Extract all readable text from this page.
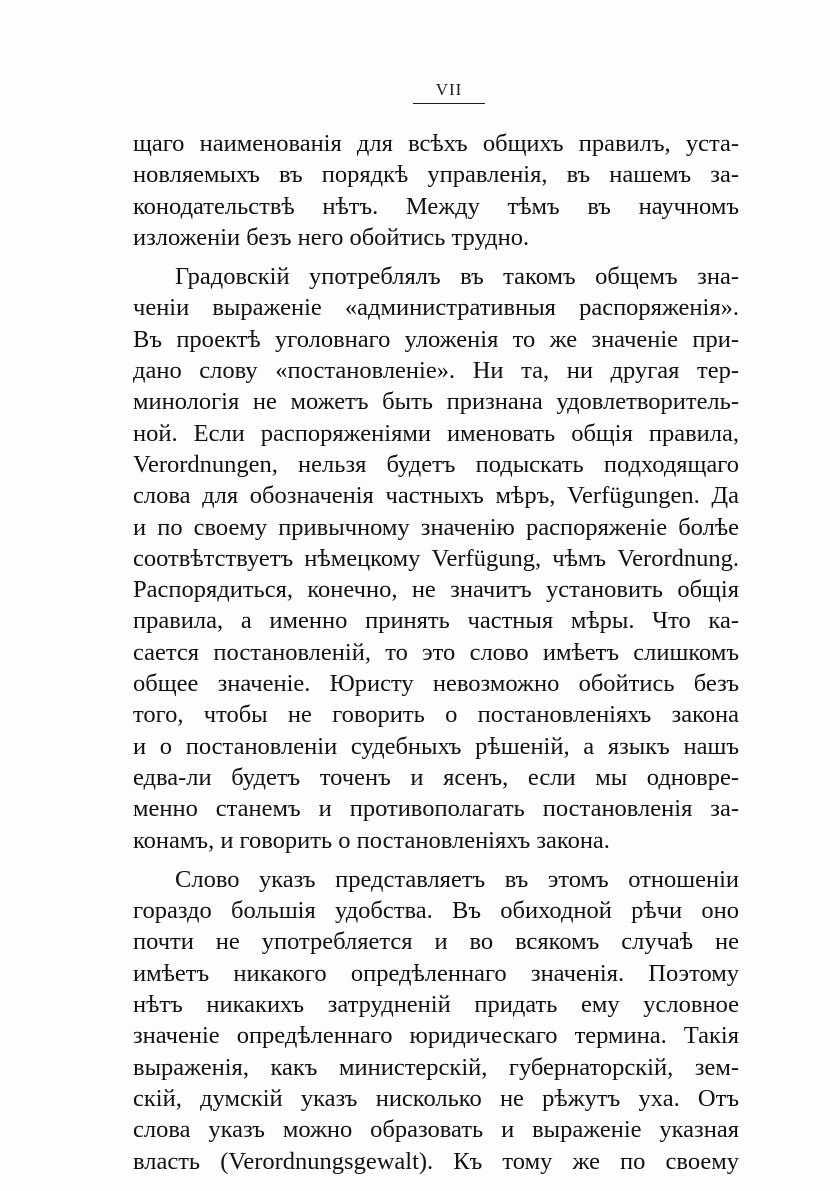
VII
щаго наименованія для всѣхъ общихъ правилъ, уста-
новляемыхъ въ порядкѣ управленія, въ нашемъ за-
конодательствѣ нѣтъ. Между тѣмъ въ научномъ
изложеніи безъ него обойтись трудно.
Градовскій употреблялъ въ такомъ общемъ зна-
ченіи выраженіе «административныя распоряженія».
Въ проектѣ уголовнаго уложенія то же значеніе при-
дано слову «постановленіе». Ни та, ни другая тер-
минологія не можетъ быть признана удовлетворитель-
ной. Если распоряженіями именовать общія правила,
Verordnungen, нельзя будетъ подыскать подходящаго
слова для обозначенія частныхъ мѣръ, Verfügungen. Да
и по своему привычному значенію распоряженіе болѣе
соотвѣтствуетъ нѣмецкому Verfügung, чѣмъ Verordnung.
Распорядиться, конечно, не значитъ установить общія
правила, а именно принять частныя мѣры. Что ка-
сается постановленій, то это слово имѣетъ слишкомъ
общее значеніе. Юристу невозможно обойтись безъ
того, чтобы не говорить о постановленіяхъ закона
и о постановленіи судебныхъ рѣшеній, а языкъ нашъ
едва-ли будетъ точенъ и ясенъ, если мы одновре-
менно станемъ и противополагать постановленія за-
конамъ, и говорить о постановленіяхъ закона.
Слово указъ представляетъ въ этомъ отношеніи
гораздо большія удобства. Въ обиходной рѣчи оно
почти не употребляется и во всякомъ случаѣ не
имѣетъ никакого опредѣленнаго значенія. Поэтому
нѣтъ никакихъ затрудненій придать ему условное
значеніе опредѣленнаго юридическаго термина. Такія
выраженія, какъ министерскій, губернаторскій, зем-
скій, думскій указъ нисколько не рѣжутъ уха. Отъ
слова указъ можно образовать и выраженіе указная
власть (Verordnungsgewalt). Къ тому же по своему
